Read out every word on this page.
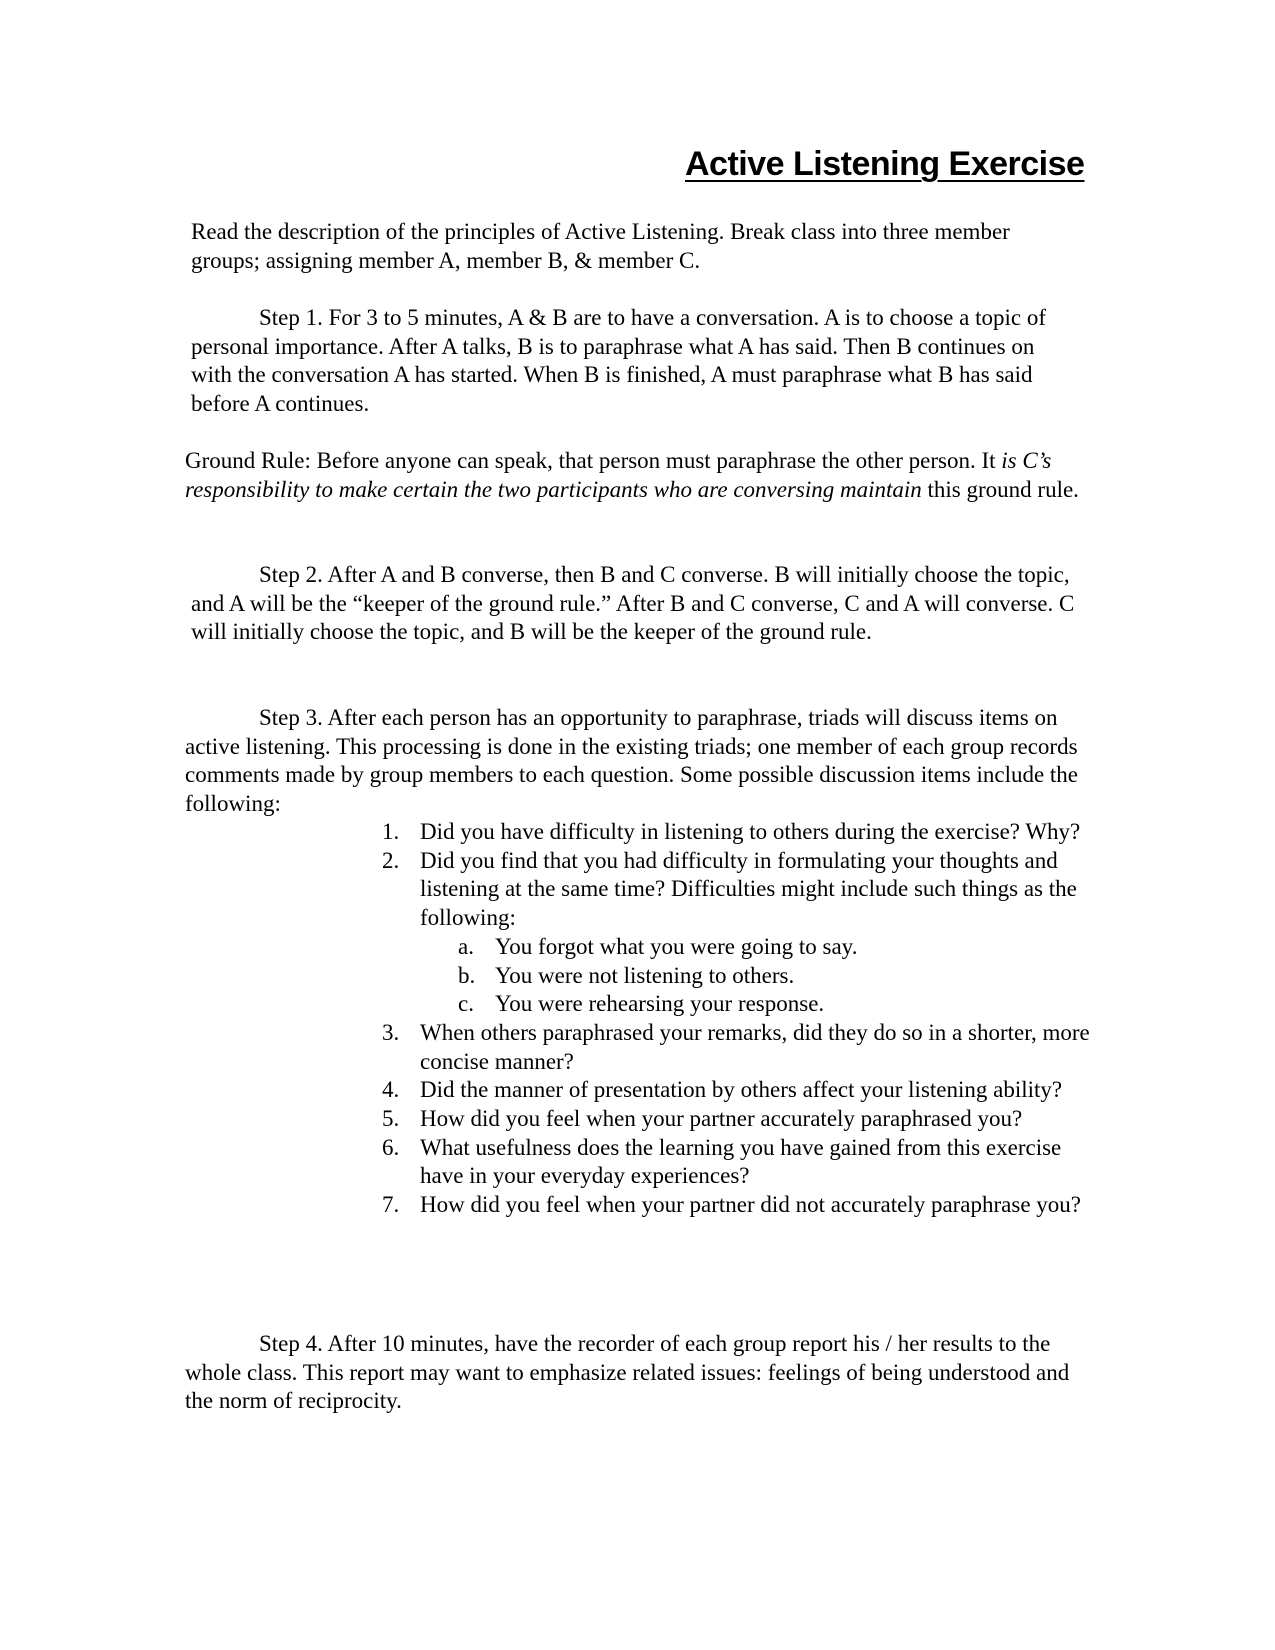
Active Listening Exercise

Read the description of the principles of Active Listening. Break class into three member groups; assigning member A, member B, & member C.

Step 1. For 3 to 5 minutes, A & B are to have a conversation. A is to choose a topic of personal importance. After A talks, B is to paraphrase what A has said. Then B continues on with the conversation A has started. When B is finished, A must paraphrase what B has said before A continues.

Ground Rule: Before anyone can speak, that person must paraphrase the other person. It is C’s responsibility to make certain the two participants who are conversing maintain this ground rule.

Step 2. After A and B converse, then B and C converse. B will initially choose the topic, and A will be the “keeper of the ground rule.” After B and C converse, C and A will converse. C will initially choose the topic, and B will be the keeper of the ground rule.

Step 3. After each person has an opportunity to paraphrase, triads will discuss items on active listening. This processing is done in the existing triads; one member of each group records comments made by group members to each question. Some possible discussion items include the following:

1. Did you have difficulty in listening to others during the exercise? Why?
2. Did you find that you had difficulty in formulating your thoughts and listening at the same time? Difficulties might include such things as the following:
a. You forgot what you were going to say.
b. You were not listening to others.
c. You were rehearsing your response.
3. When others paraphrased your remarks, did they do so in a shorter, more concise manner?
4. Did the manner of presentation by others affect your listening ability?
5. How did you feel when your partner accurately paraphrased you?
6. What usefulness does the learning you have gained from this exercise have in your everyday experiences?
7. How did you feel when your partner did not accurately paraphrase you?

Step 4. After 10 minutes, have the recorder of each group report his / her results to the whole class. This report may want to emphasize related issues: feelings of being understood and the norm of reciprocity.
